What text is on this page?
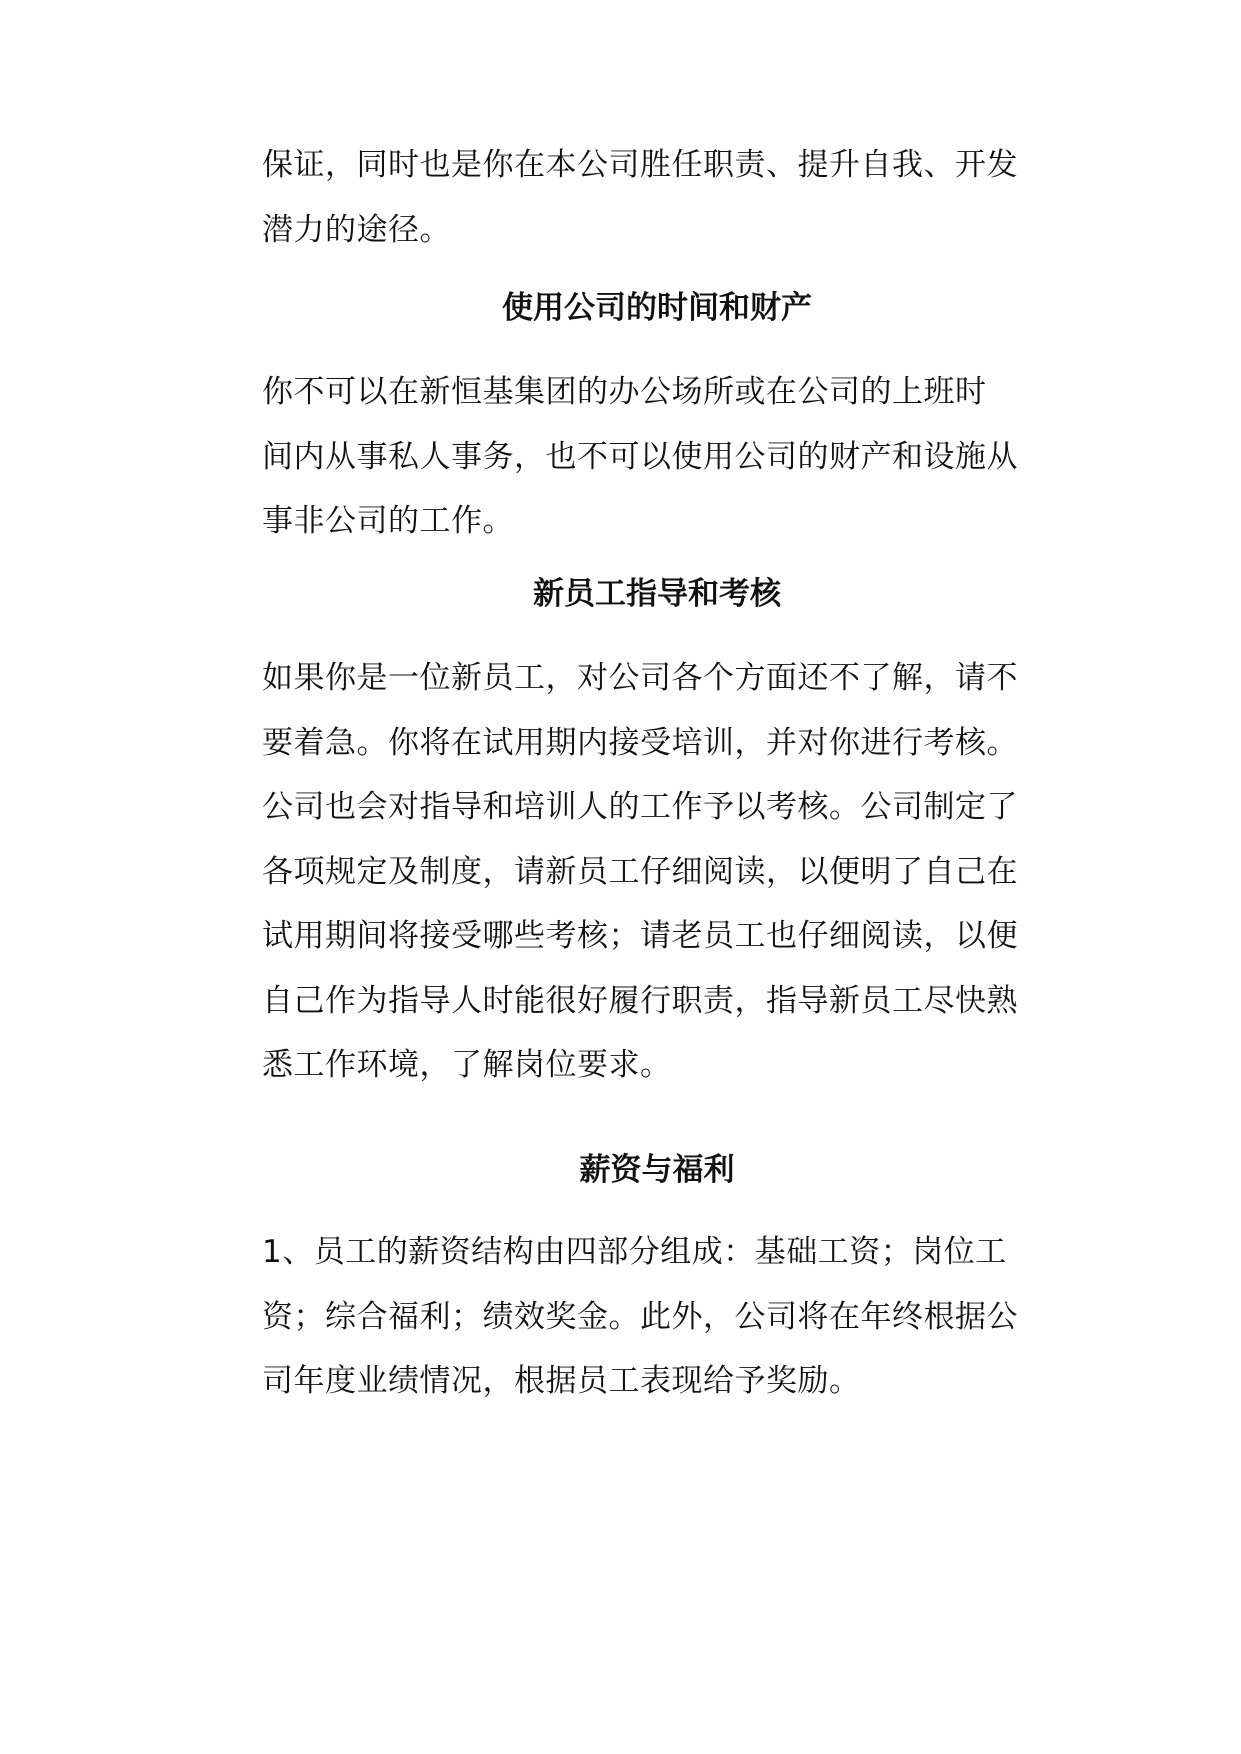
保证，同时也是你在本公司胜任职责、提升自我、开发
潜力的途径。
使用公司的时间和财产
你不可以在新恒基集团的办公场所或在公司的上班时
间内从事私人事务，也不可以使用公司的财产和设施从
事非公司的工作。
新员工指导和考核
如果你是一位新员工，对公司各个方面还不了解，请不
要着急。你将在试用期内接受培训，并对你进行考核。
公司也会对指导和培训人的工作予以考核。公司制定了
各项规定及制度，请新员工仔细阅读，以便明了自己在
试用期间将接受哪些考核；请老员工也仔细阅读，以便
自己作为指导人时能很好履行职责，指导新员工尽快熟
悉工作环境，了解岗位要求。
薪资与福利
1、员工的薪资结构由四部分组成：基础工资；岗位工
资；综合福利；绩效奖金。此外，公司将在年终根据公
司年度业绩情况，根据员工表现给予奖励。
